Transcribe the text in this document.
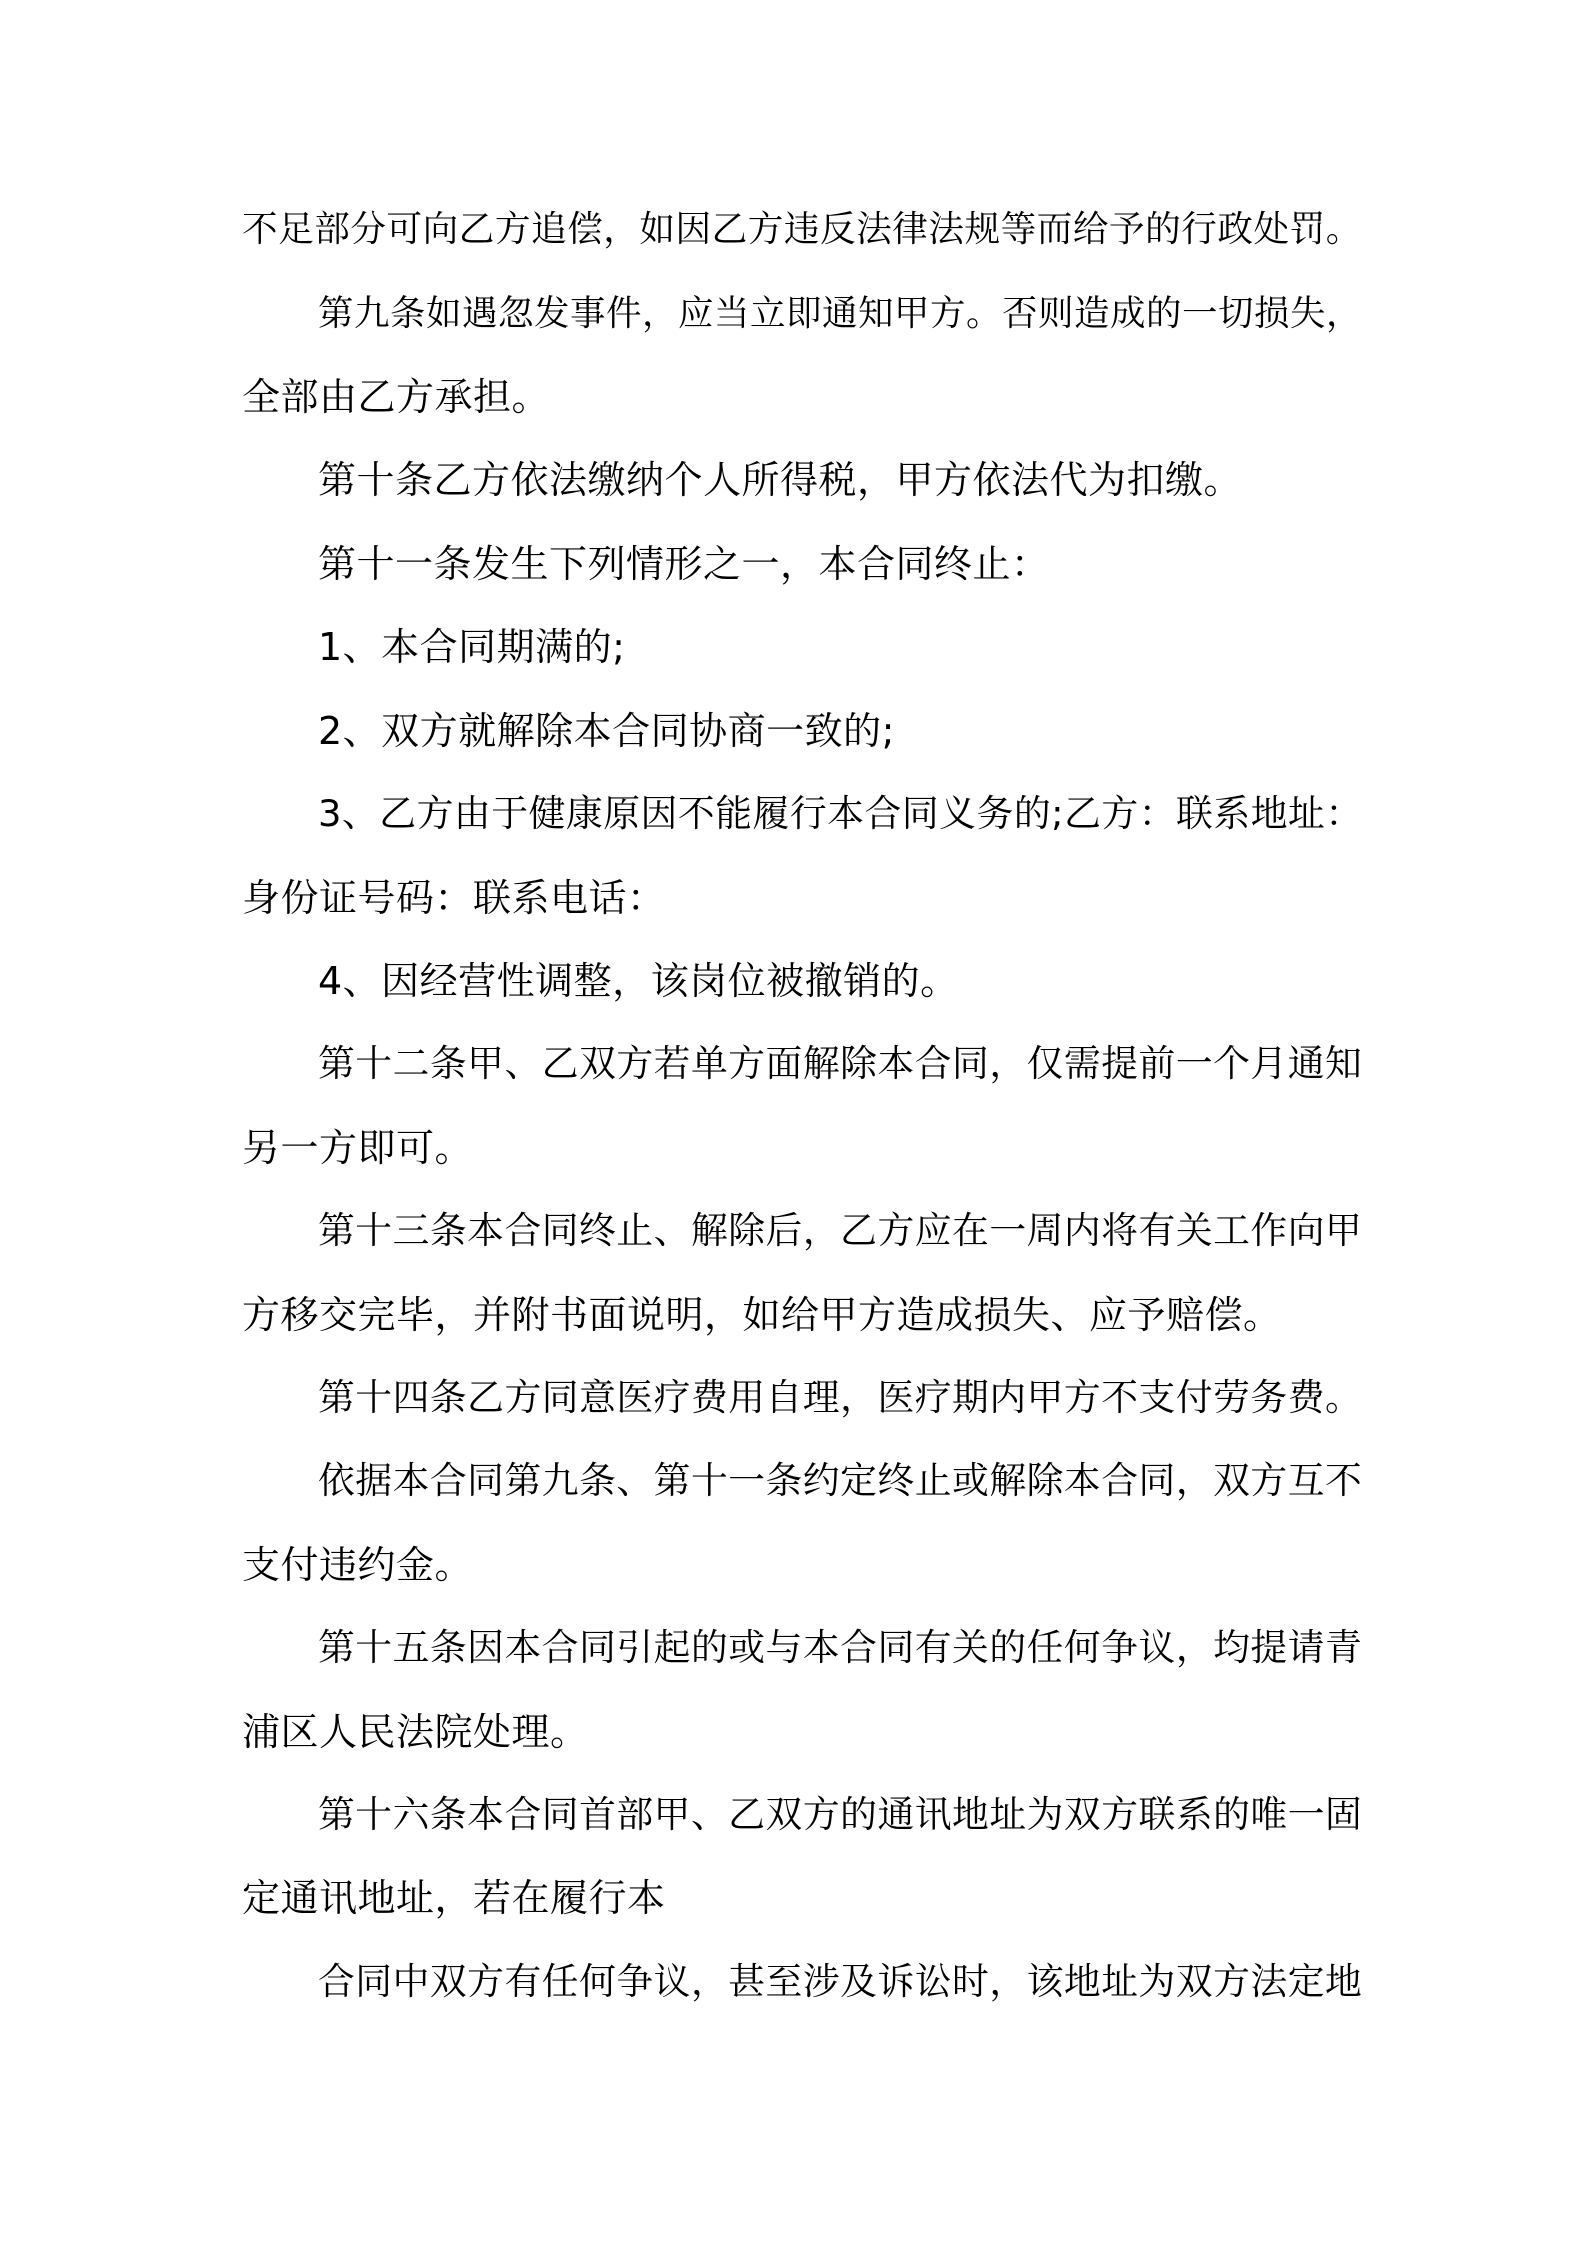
不足部分可向乙方追偿，如因乙方违反法律法规等而给予的行政处罚。
第九条如遇忽发事件，应当立即通知甲方。否则造成的一切损失，
全部由乙方承担。
第十条乙方依法缴纳个人所得税，甲方依法代为扣缴。
第十一条发生下列情形之一，本合同终止：
1、本合同期满的;
2、双方就解除本合同协商一致的;
3、乙方由于健康原因不能履行本合同义务的;乙方：联系地址：
身份证号码：联系电话：
4、因经营性调整，该岗位被撤销的。
第十二条甲、乙双方若单方面解除本合同，仅需提前一个月通知
另一方即可。
第十三条本合同终止、解除后，乙方应在一周内将有关工作向甲
方移交完毕，并附书面说明，如给甲方造成损失、应予赔偿。
第十四条乙方同意医疗费用自理，医疗期内甲方不支付劳务费。
依据本合同第九条、第十一条约定终止或解除本合同，双方互不
支付违约金。
第十五条因本合同引起的或与本合同有关的任何争议，均提请青
浦区人民法院处理。
第十六条本合同首部甲、乙双方的通讯地址为双方联系的唯一固
定通讯地址，若在履行本
合同中双方有任何争议，甚至涉及诉讼时，该地址为双方法定地
